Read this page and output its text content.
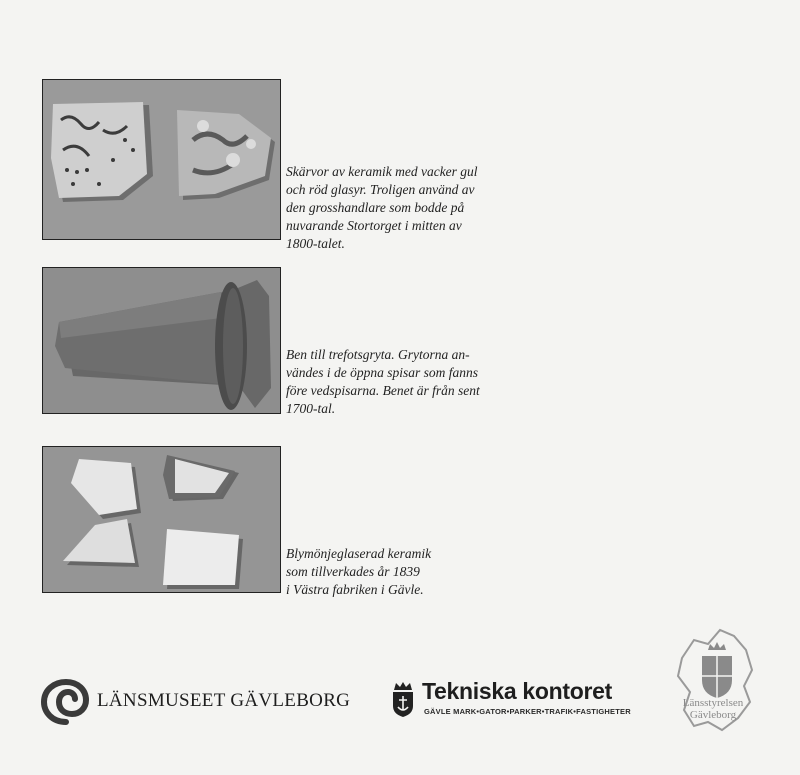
Skärvor av keramik med vacker gul
och röd glasyr. Troligen använd av
den grosshandlare som bodde på
nuvarande Stortorget i mitten av
1800-talet.
Ben till trefotsgryta. Grytorna an-
vändes i de öppna spisar som fanns
före vedspisarna. Benet är från sent
1700-tal.
Blymönjeglaserad keramik
som tillverkades år 1839
i Västra fabriken i Gävle.
LÄNSMUSEET GÄVLEBORG	Tekniska kontoret
GÄVLE MARK•GATOR•PARKER•TRAFIK•FASTIGHETER
Länsstyrelsen
Gävleborg
